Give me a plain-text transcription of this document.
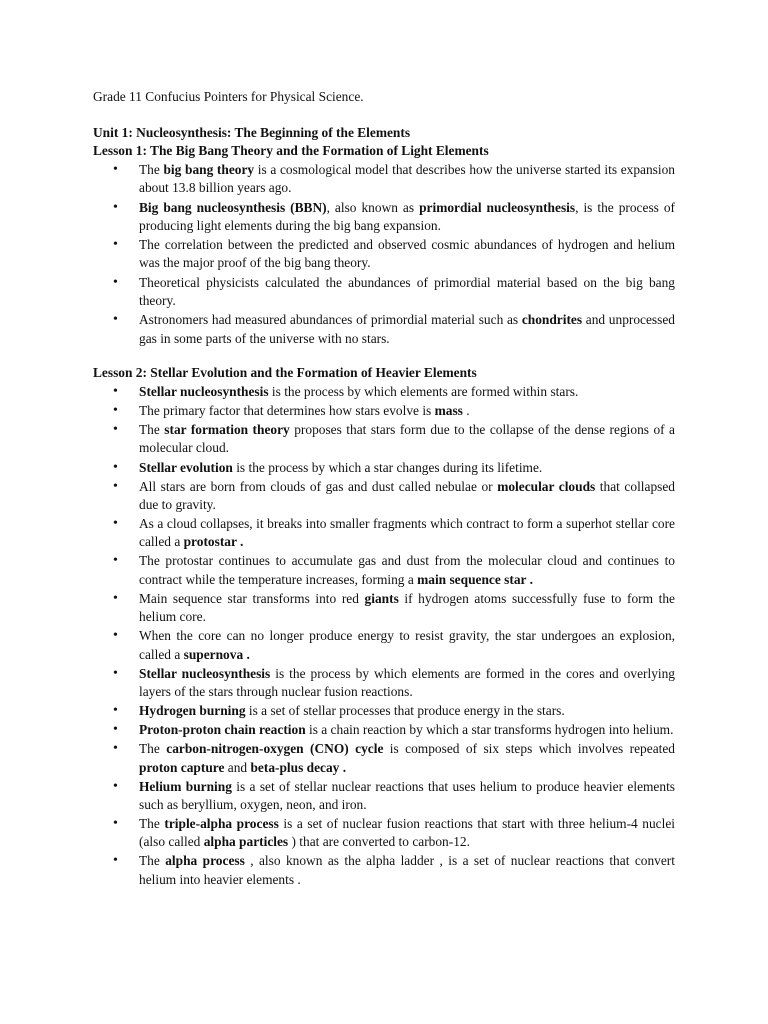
Grade 11 Confucius Pointers for Physical Science.

Unit 1: Nucleosynthesis: The Beginning of the Elements

Lesson 1: The Big Bang Theory and the Formation of Light Elements

• The big bang theory is a cosmological model that describes how the universe started its expansion about 13.8 billion years ago.
• Big bang nucleosynthesis (BBN), also known as primordial nucleosynthesis, is the process of producing light elements during the big bang expansion.
• The correlation between the predicted and observed cosmic abundances of hydrogen and helium was the major proof of the big bang theory.
• Theoretical physicists calculated the abundances of primordial material based on the big bang theory.
• Astronomers had measured abundances of primordial material such as chondrites and unprocessed gas in some parts of the universe with no stars.

Lesson 2: Stellar Evolution and the Formation of Heavier Elements

• Stellar nucleosynthesis is the process by which elements are formed within stars.
• The primary factor that determines how stars evolve is mass .
• The star formation theory proposes that stars form due to the collapse of the dense regions of a molecular cloud.
• Stellar evolution is the process by which a star changes during its lifetime.
• All stars are born from clouds of gas and dust called nebulae or molecular clouds that collapsed due to gravity.
• As a cloud collapses, it breaks into smaller fragments which contract to form a superhot stellar core called a protostar .
• The protostar continues to accumulate gas and dust from the molecular cloud and continues to contract while the temperature increases, forming a main sequence star .
• Main sequence star transforms into red giants if hydrogen atoms successfully fuse to form the helium core.
• When the core can no longer produce energy to resist gravity, the star undergoes an explosion, called a supernova .
• Stellar nucleosynthesis is the process by which elements are formed in the cores and overlying layers of the stars through nuclear fusion reactions.
• Hydrogen burning is a set of stellar processes that produce energy in the stars.
• Proton-proton chain reaction is a chain reaction by which a star transforms hydrogen into helium.
• The carbon-nitrogen-oxygen (CNO) cycle is composed of six steps which involves repeated proton capture and beta-plus decay .
• Helium burning is a set of stellar nuclear reactions that uses helium to produce heavier elements such as beryllium, oxygen, neon, and iron.
• The triple-alpha process is a set of nuclear fusion reactions that start with three helium-4 nuclei (also called alpha particles ) that are converted to carbon-12.
• The alpha process , also known as the alpha ladder , is a set of nuclear reactions that convert helium into heavier elements .
